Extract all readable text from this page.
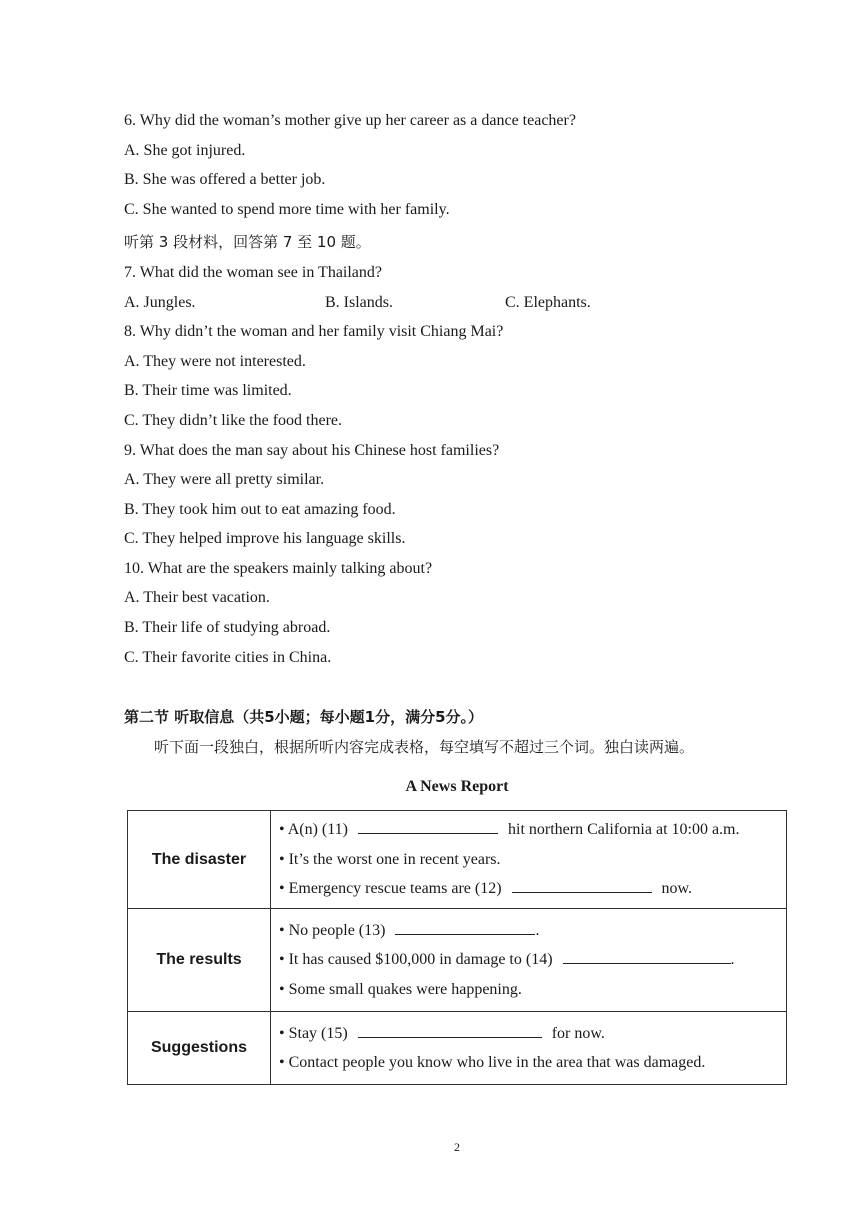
6. Why did the woman’s mother give up her career as a dance teacher?
A. She got injured.
B. She was offered a better job.
C. She wanted to spend more time with her family.
听第 3 段材料，回答第 7 至 10 题。
7. What did the woman see in Thailand?
A. Jungles.	B. Islands.	C. Elephants.
8. Why didn’t the woman and her family visit Chiang Mai?
A. They were not interested.
B. Their time was limited.
C. They didn’t like the food there.
9. What does the man say about his Chinese host families?
A. They were all pretty similar.
B. They took him out to eat amazing food.
C. They helped improve his language skills.
10. What are the speakers mainly talking about?
A. Their best vacation.
B. Their life of studying abroad.
C. Their favorite cities in China.
第二节 听取信息（共5小题；每小题1分，满分5分。）
听下面一段独白，根据所听内容完成表格，每空填写不超过三个词。独白读两遍。
A News Report
The disaster	• A(n) (11) hit northern California at 10:00 a.m.
• It’s the worst one in recent years.
• Emergency rescue teams are (12) now.

The results	• No people (13) .
• It has caused $100,000 in damage to (14) .
• Some small quakes were happening.

Suggestions	• Stay (15) for now.
• Contact people you know who live in the area that was damaged.
2
